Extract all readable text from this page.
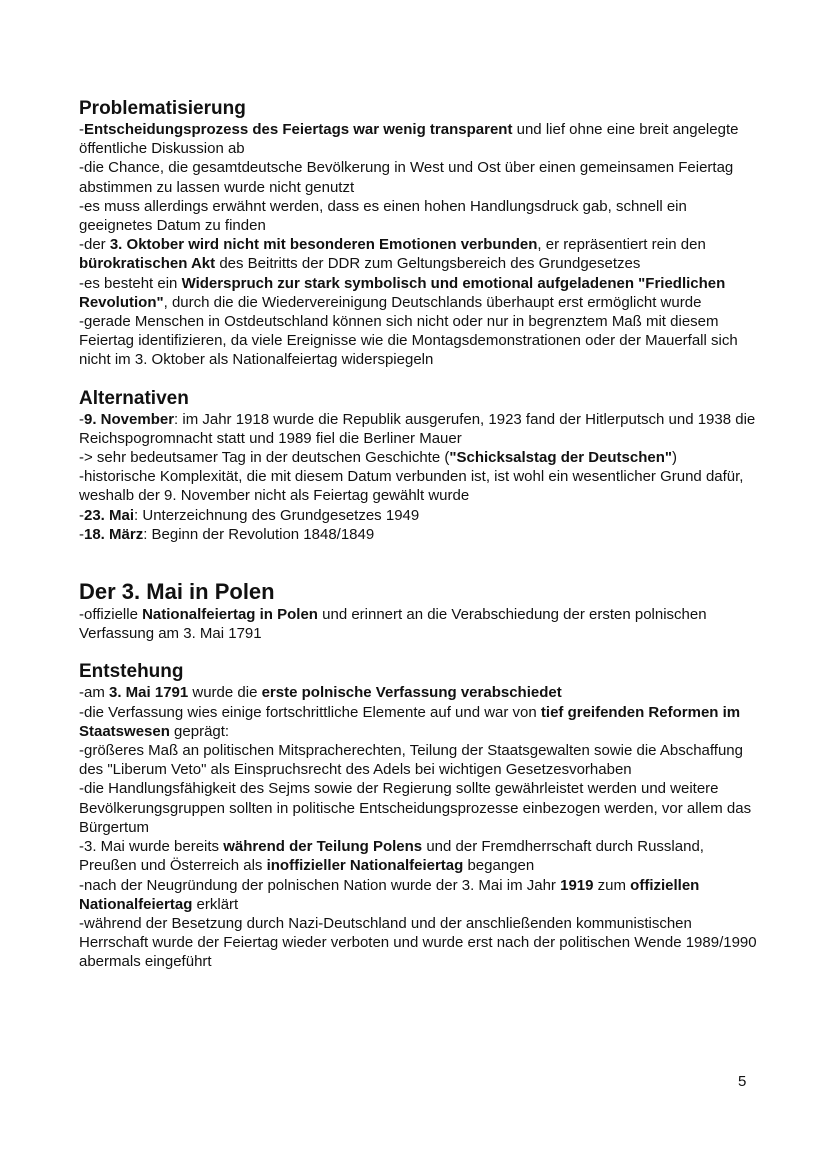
Problematisierung

-Entscheidungsprozess des Feiertags war wenig transparent und lief ohne eine breit angelegte öffentliche Diskussion ab

-die Chance, die gesamtdeutsche Bevölkerung in West und Ost über einen gemeinsamen Feiertag abstimmen zu lassen wurde nicht genutzt

-es muss allerdings erwähnt werden, dass es einen hohen Handlungsdruck gab, schnell ein geeignetes Datum zu finden

-der 3. Oktober wird nicht mit besonderen Emotionen verbunden, er repräsentiert rein den bürokratischen Akt des Beitritts der DDR zum Geltungsbereich des Grundgesetzes

-es besteht ein Widerspruch zur stark symbolisch und emotional aufgeladenen "Friedlichen Revolution", durch die die Wiedervereinigung Deutschlands überhaupt erst ermöglicht wurde

-gerade Menschen in Ostdeutschland können sich nicht oder nur in begrenztem Maß mit diesem Feiertag identifizieren, da viele Ereignisse wie die Montagsdemonstrationen oder der Mauerfall sich nicht im 3. Oktober als Nationalfeiertag widerspiegeln

Alternativen

-9. November: im Jahr 1918 wurde die Republik ausgerufen, 1923 fand der Hitlerputsch und 1938 die Reichspogromnacht statt und 1989 fiel die Berliner Mauer

-> sehr bedeutsamer Tag in der deutschen Geschichte ("Schicksalstag der Deutschen")

-historische Komplexität, die mit diesem Datum verbunden ist, ist wohl ein wesentlicher Grund dafür, weshalb der 9. November nicht als Feiertag gewählt wurde

-23. Mai: Unterzeichnung des Grundgesetzes 1949

-18. März: Beginn der Revolution 1848/1849

Der 3. Mai in Polen

-offizielle Nationalfeiertag in Polen und erinnert an die Verabschiedung der ersten polnischen Verfassung am 3. Mai 1791

Entstehung

-am 3. Mai 1791 wurde die erste polnische Verfassung verabschiedet

-die Verfassung wies einige fortschrittliche Elemente auf und war von tief greifenden Reformen im Staatswesen geprägt:

-größeres Maß an politischen Mitspracherechten, Teilung der Staatsgewalten sowie die Abschaffung des "Liberum Veto" als Einspruchsrecht des Adels bei wichtigen Gesetzesvorhaben

-die Handlungsfähigkeit des Sejms sowie der Regierung sollte gewährleistet werden und weitere Bevölkerungsgruppen sollten in politische Entscheidungsprozesse einbezogen werden, vor allem das Bürgertum

-3. Mai wurde bereits während der Teilung Polens und der Fremdherrschaft durch Russland, Preußen und Österreich als inoffizieller Nationalfeiertag begangen

-nach der Neugründung der polnischen Nation wurde der 3. Mai im Jahr 1919 zum offiziellen Nationalfeiertag erklärt

-während der Besetzung durch Nazi-Deutschland und der anschließenden kommunistischen Herrschaft wurde der Feiertag wieder verboten und wurde erst nach der politischen Wende 1989/1990 abermals eingeführt

5
